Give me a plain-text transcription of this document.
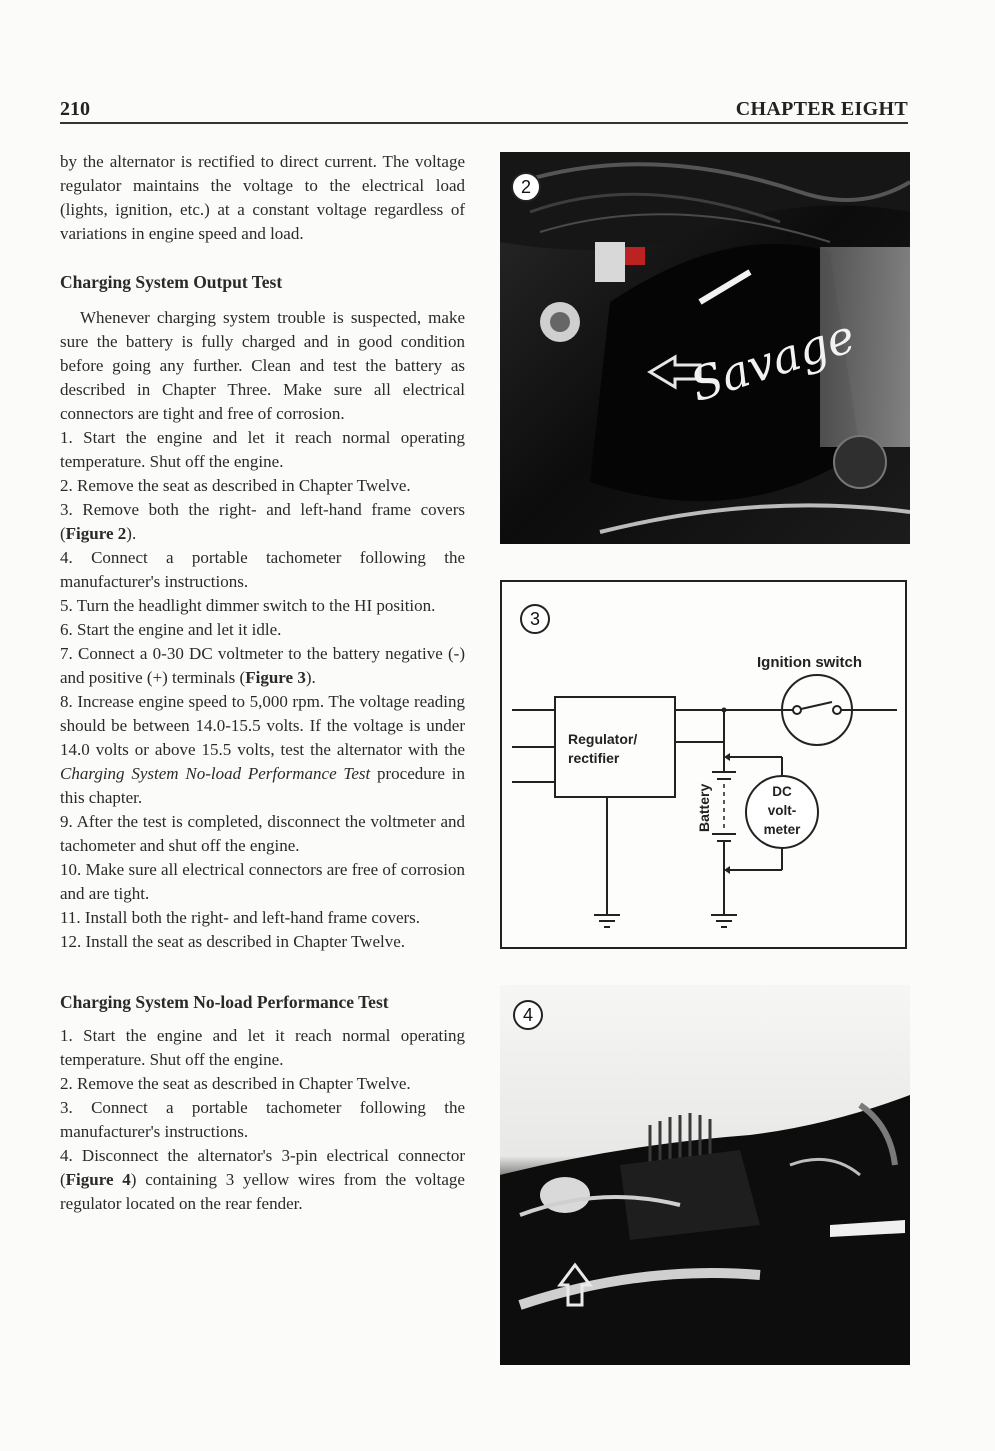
210	CHAPTER EIGHT

by the alternator is rectified to direct current. The voltage regulator maintains the voltage to the electrical load (lights, ignition, etc.) at a constant voltage regardless of variations in engine speed and load.

Charging System Output Test

Whenever charging system trouble is suspected, make sure the battery is fully charged and in good condition before going any further. Clean and test the battery as described in Chapter Three. Make sure all electrical connectors are tight and free of corrosion.

1. Start the engine and let it reach normal operating temperature. Shut off the engine.

2. Remove the seat as described in Chapter Twelve.

3. Remove both the right- and left-hand frame covers (Figure 2).

4. Connect a portable tachometer following the manufacturer's instructions.

5. Turn the headlight dimmer switch to the HI position.

6. Start the engine and let it idle.

7. Connect a 0-30 DC voltmeter to the battery negative (-) and positive (+) terminals (Figure 3).

8. Increase engine speed to 5,000 rpm. The voltage reading should be between 14.0-15.5 volts. If the voltage is under 14.0 volts or above 15.5 volts, test the alternator with the Charging System No-load Performance Test procedure in this chapter.

9. After the test is completed, disconnect the voltmeter and tachometer and shut off the engine.

10. Make sure all electrical connectors are free of corrosion and are tight.

11. Install both the right- and left-hand frame covers.

12. Install the seat as described in Chapter Twelve.

Charging System No-load Performance Test

1. Start the engine and let it reach normal operating temperature. Shut off the engine.

2. Remove the seat as described in Chapter Twelve.

3. Connect a portable tachometer following the manufacturer's instructions.

4. Disconnect the alternator's 3-pin electrical connector (Figure 4) containing 3 yellow wires from the voltage regulator located on the rear fender.

Savage
2
3
Ignition switch
Regulator/
rectifier
Battery	DC
volt-
meter
4
